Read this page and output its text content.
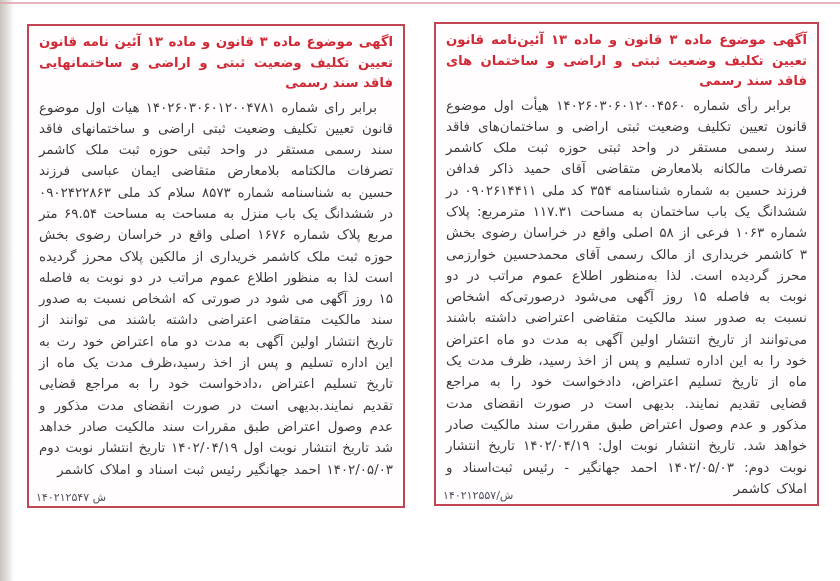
اگهی موضوع ماده ۳ قانون و ماده ۱۳ آئین نامه قانون تعیین تکلیف وضعیت ثبتی و اراضی و ساختمانهایی فاقد سند رسمی

برابر رای شماره ۱۴۰۲۶۰۳۰۶۰۱۲۰۰۴۷۸۱ هیات اول موضوع قانون تعیین تکلیف وضعیت ثبتی اراضی و ساختمانهای فاقد سند رسمی مستقر در واحد ثبتی حوزه ثبت ملک کاشمر تصرفات مالکتامه بلامعارض متقاضی ایمان عباسی فرزند حسین به شناسنامه شماره ۸۵۷۳ سلام کد ملی ۰۹۰۲۴۲۲۸۶۳ در ششدانگ یک باب منزل به مساحت به مساحت ۶۹.۵۴ متر مربع پلاک شماره ۱۶۷۶ اصلی واقع در خراسان رضوی بخش حوزه ثبت ملک کاشمر خریداری از مالکین پلاک محرز گردیده است لذا به منظور اطلاع عموم مراتب در دو نوبت به فاصله ۱۵ روز آگهی می شود در صورتی که اشخاص نسبت به صدور سند مالکیت متقاضی اعتراضی داشته باشند می توانند از تاریخ انتشار اولین آگهی به مدت دو ماه اعتراض خود رت به این اداره تسلیم و پس از اخذ رسید،ظرف مدت یک ماه از تاریخ تسلیم اعتراض ،دادخواست خود را به مراجع قضایی تقدیم نمایند.بدیهی است در صورت انقضای مدت مذکور و عدم وصول اعتراض طبق مقررات سند مالکیت صادر خداهد شد تاریخ انتشار نوبت اول ۱۴۰۲/۰۴/۱۹ تاریخ انتشار نوبت دوم ۱۴۰۲/۰۵/۰۳ احمد جهانگیر رئیس ثبت اسناد و املاک کاشمر

ش ۱۴۰۲۱۲۵۴۷
آگهی موضوع ماده ۳ قانون و ماده ۱۳ آئین‌نامه قانون تعیین تکلیف وضعیت ثبتی و اراضی و ساختمان های فاقد سند رسمی

برابر رأی شماره ۱۴۰۲۶۰۳۰۶۰۱۲۰۰۴۵۶۰ هیأت اول موضوع قانون تعیین تکلیف وضعیت ثبتی اراضی و ساختمان‌های فاقد سند رسمی مستقر در واحد ثبتی حوزه ثبت ملک کاشمر تصرفات مالکانه بلامعارض متقاضی آقای حمید ذاکر فدافن فرزند حسین به شماره شناسنامه ۳۵۴ کد ملی ۰۹۰۲۶۱۴۴۱۱ در ششدانگ یک باب ساختمان به مساحت ۱۱۷.۳۱ مترمربع: پلاک شماره ۱۰۶۳ فرعی از ۵۸ اصلی واقع در خراسان رضوی بخش ۳ کاشمر خریداری از مالک رسمی آقای محمدحسین خوارزمی محرز گردیده است. لذا به‌منظور اطلاع عموم مراتب در دو نوبت به فاصله ۱۵ روز آگهی می‌شود درصورتی‌که اشخاص نسبت به صدور سند مالکیت متقاضی اعتراضی داشته باشند می‌توانند از تاریخ انتشار اولین آگهی به مدت دو ماه اعتراض خود را به این اداره تسلیم و پس از اخذ رسید، ظرف مدت یک ماه از تاریخ تسلیم اعتراض، دادخواست خود را به مراجع قضایی تقدیم نمایند. بدیهی است در صورت انقضای مدت مذکور و عدم وصول اعتراض طبق مقررات سند مالکیت صادر خواهد شد. تاریخ انتشار نوبت اول: ۱۴۰۲/۰۴/۱۹ تاریخ انتشار نوبت دوم: ۱۴۰۲/۰۵/۰۳ احمد جهانگیر - رئیس ثبت‌اسناد و املاک کاشمر

ش/۱۴۰۲۱۲۵۵۷
